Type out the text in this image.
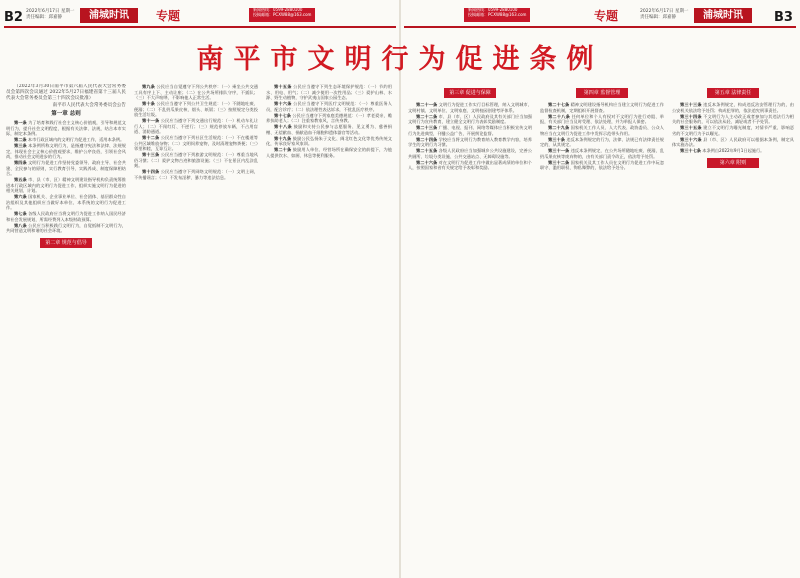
B2 2022年6月17日 星期一
责任编辑：邱嘉静	浦城时讯	专题	新闻热线：0599-2880100
投稿邮箱：PCXW88@163.com
新闻热线：0599-2880100
投稿邮箱：PCXW88@163.com	专题	2022年6月17日 星期一
责任编辑：邱嘉静	浦城时讯	B3
南平市文明行为促进条例

（2022年3月30日南平市第六届人民代表大会常务委员会第四次会议通过 2022年5月27日福建省第十三届人民代表大会常务委员会第三十四次会议批准）

南平市人民代表大会常务委员会公告

第一章 总则

第一条 为了培育和践行社会主义核心价值观，引导和规范文明行为，提升社会文明程度，根据有关法律、法规，结合本市实际，制定本条例。

第二条 本市行政区域内的文明行为促进工作，适用本条例。

第三条 本条例所称文明行为，是指遵守宪法和法律、法规规定，体现社会主义核心价值观要求，维护公序良俗，引领社会风尚，推动社会文明进步的行为。

第四条 文明行为促进工作坚持党委领导、政府主导、社会共建、全民参与的原则，实行教育引导、实践养成、制度保障相结合。

第五条 市、县（市、区）精神文明建设指导机构负责统筹推进本行政区域内的文明行为促进工作，组织实施文明行为促进的相关规划、计划。

第六条 国家机关、企业事业单位、社会团体、基层群众性自治组织及其他组织应当做好本单位、本系统的文明行为促进工作。

第七条 各级人民政府应当将文明行为促进工作纳入国民经济和社会发展规划，所需经费列入本级财政预算。

第八条 公民应当积极践行文明行为，自觉抵制不文明行为，共同营造文明和谐的社会环境。

第二章 规范与倡导

第九条 公民应当自觉遵守下列公共秩序：（一）乘坐公共交通工具有序上下、主动让座；（二）在公共场所排队守序，不插队；（三）不大声喧哗，不影响他人正常生活。

第十条 公民应当遵守下列公共卫生规范：（一）不随地吐痰、便溺；（二）不乱扔瓜果皮核、烟头、纸屑；（三）按照规定分类投放生活垃圾。

第十一条 公民应当遵守下列交通出行规范：（一）机动车礼让行人；（二）不闯红灯、不逆行；（三）规范停放车辆，不占用盲道、消防通道。

第十二条 公民应当遵守下列社区生活规范：（一）不在楼道等公共区域堆放杂物；（二）文明饲养宠物，及时清理宠物粪便；（三）邻里和睦，互谅互让。

第十三条 公民应当遵守下列旅游文明规范：（一）尊重当地风俗习惯；（二）爱护文物古迹和旅游设施；（三）不在景区内乱涂乱刻。

第十四条 公民应当遵守下列网络文明规范：（一）文明上网，不传播谣言；（二）不发布淫秽、暴力等违法信息。

第十五条 公民应当遵守下列生态环境保护规范：（一）节约用水、用电、用气；（二）减少使用一次性用品；（三）爱护山林、水源、野生动植物，守护武夷山国家公园生态。

第十六条 公民应当遵守下列医疗文明规范：（一）尊重医务人员，配合诊疗；（二）依法理性表达诉求，不扰乱医疗秩序。

第十七条 公民应当遵守下列家庭美德规范：（一）孝老爱亲，赡养扶助老人；（二）注重家教家风，言传身教。

第十八条 鼓励和支持公民参与志愿服务、见义勇为、慈善捐赠、无偿献血、捐献造血干细胞和遗体器官等活动。

第十九条 鼓励公民弘扬朱子文化、闽北红色文化等优秀传统文化，传承良好家风家训。

第二十条 鼓励用人单位、经营场所在确保安全的前提下，为他人提供饮水、如厕、休息等便利服务。

第三章 促进与保障

第二十一条 文明行为促进工作实行目标管理，纳入文明城市、文明村镇、文明单位、文明家庭、文明校园创建考评体系。

第二十二条 市、县（市、区）人民政府及其有关部门应当加强文明行为宣传教育，建立健全文明行为表彰奖励制度。

第二十三条 广播、电视、报刊、网络等媒体应当积极宣传文明行为先进典型，刊播公益广告，开展舆论监督。

第二十四条 学校应当将文明行为教育纳入教育教学内容，培养学生的文明行为习惯。

第二十五条 各级人民政府应当加强城乡公共设施建设，完善公共厕所、垃圾分类设施、公共交通站点、无障碍设施等。

第二十六条 对在文明行为促进工作中做出显著成绩的单位和个人，按照国家和省有关规定给予表彰和奖励。

第四章 监督管理

第二十七条 精神文明建设指导机构应当建立文明行为促进工作监督检查机制，定期组织开展督查。

第二十八条 任何单位和个人有权对不文明行为进行劝阻、举报，有关部门应当及时受理、依法处理，并为举报人保密。

第二十九条 国家机关工作人员、人大代表、政协委员、公众人物应当在文明行为促进工作中发挥示范带头作用。

第三十条 违反本条例规定的行为，法律、法规已有法律责任规定的，从其规定。

第三十一条 违反本条例规定，在公共场所随地吐痰、便溺，乱扔瓜果皮核等废弃物的，由有关部门责令改正，依法给予处罚。

第三十二条 国家机关及其工作人员在文明行为促进工作中玩忽职守、滥用职权、徇私舞弊的，依法给予处分。

第五章 法律责任

第三十三条 违反本条例规定，构成违反治安管理行为的，由公安机关依法给予处罚；构成犯罪的，依法追究刑事责任。

第三十四条 不文明行为人主动改正或者参加与其违法行为相关的社会服务的，可以依法从轻、减轻或者不予处罚。

第三十五条 建立不文明行为曝光制度，对情节严重、影响恶劣的不文明行为予以曝光。

第三十六条 县（市、区）人民政府可以根据本条例，制定具体实施办法。

第三十七条 本条例自2022年9月1日起施行。

第六章 附则
